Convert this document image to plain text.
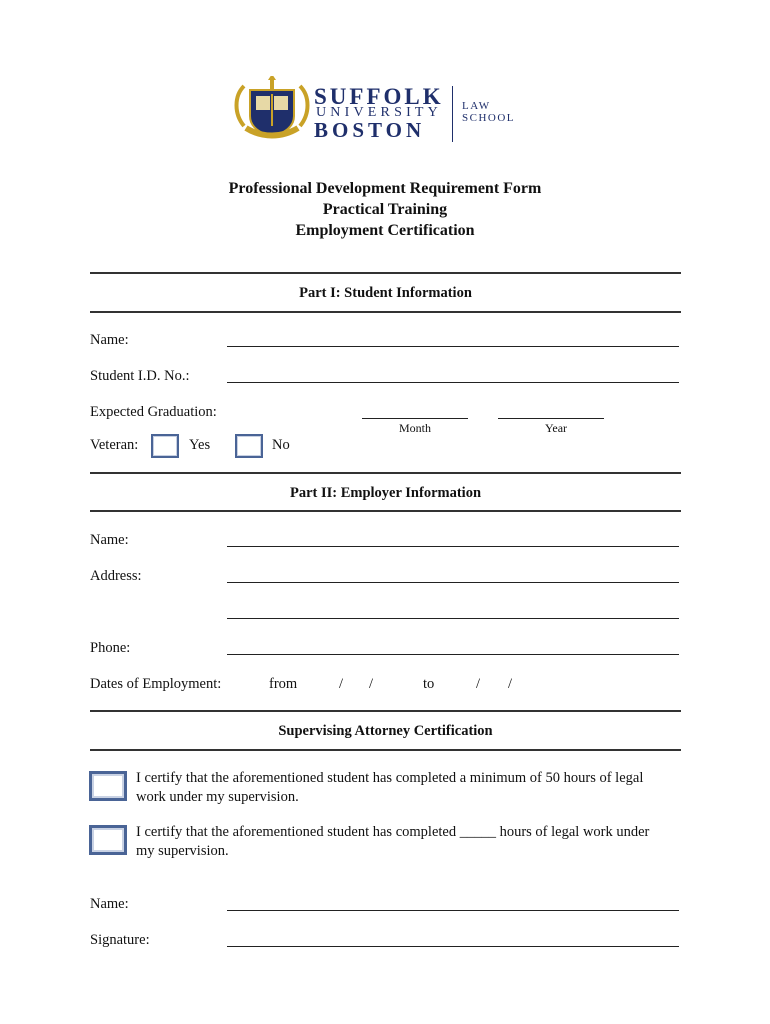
SUFFOLK
UNIVERSITY
BOSTON
LAW
SCHOOL
Professional Development Requirement Form
Practical Training
Employment Certification
Part I: Student Information
Name:
Student I.D. No.:
Expected Graduation:
Month	Year
Veteran:	Yes	No
Part II: Employer Information
Name:
Address:
Phone:
Dates of Employment:	from	/ /	to	/ /
Supervising Attorney Certification
I certify that the aforementioned student has completed a minimum of 50 hours of legal
work under my supervision.
I certify that the aforementioned student has completed _____ hours of legal work under
my supervision.
Name:
Signature:
